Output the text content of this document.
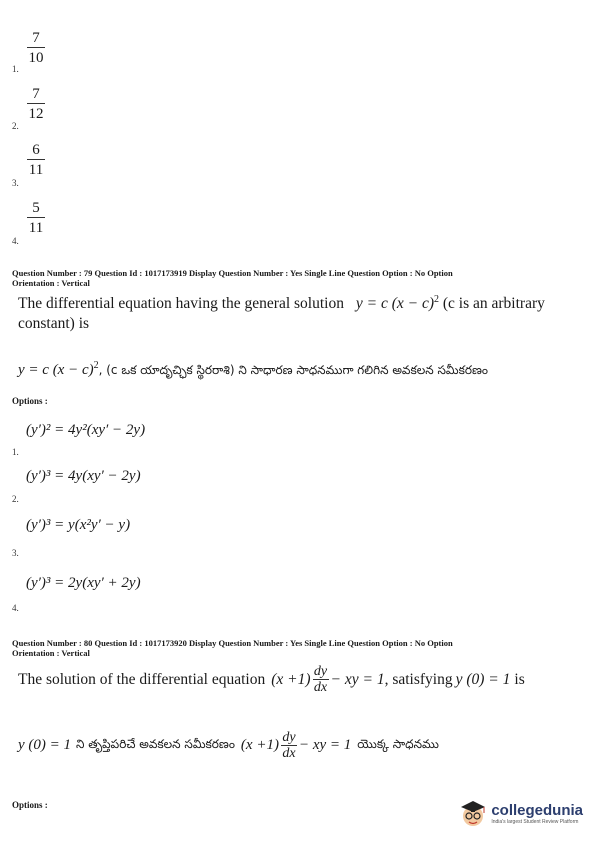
1.
7
10
2.
7
12
3.
6
11
4.
5
11
Question Number : 79 Question Id : 1017173919 Display Question Number : Yes Single Line Question Option : No Option
Orientation : Vertical
The differential equation having the general solution y = c $(x - c)^2$ (c is an arbitrary
constant) is
y = c $(x - c)^2$, (c ఒక యాదృచ్ఛిక స్థిరరాశి) ని సాధారణ సాధనముగా గలిగిన అవకలన సమీకరణం
Options :
(y′)² = 4y²(xy′ − 2y)
1.
(y′)³ = 4y(xy′ − 2y)
2.
(y′)³ = y(x²y′ − y)
3.
(y′)³ = 2y(xy′ + 2y)
4.
Question Number : 80 Question Id : 1017173920 Display Question Number : Yes Single Line Question Option : No Option
Orientation : Vertical
The solution of the differential equation (x +1) dy
dx − xy = 1 , satisfying y (0) = 1 is
y (0) = 1 ని తృప్తిపరిచే అవకలన సమీకరణం (x +1) dy
dx
− xy = 1 యొక్క సాధనము
Options :	collegedunia
India's largest Student Review Platform
